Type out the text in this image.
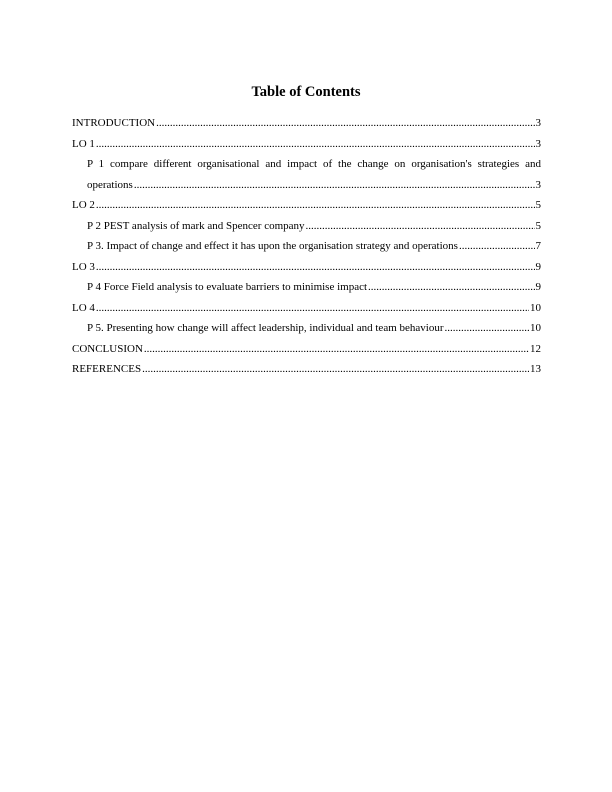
Table of Contents
INTRODUCTION .....	3
LO 1 .....	3
P 1 compare different organisational and impact of the change on organisation's strategies and
operations .....	3
LO 2 .....	5
P 2 PEST analysis of mark and Spencer company .....	5
P 3. Impact of change and effect it has upon the organisation strategy and operations .....	7
LO 3 .....	9
P 4 Force Field analysis to evaluate barriers to minimise impact .....	9
LO 4 .....	10
P 5. Presenting how change will affect leadership, individual and team behaviour .....	10
CONCLUSION .....	12
REFERENCES .....	13
